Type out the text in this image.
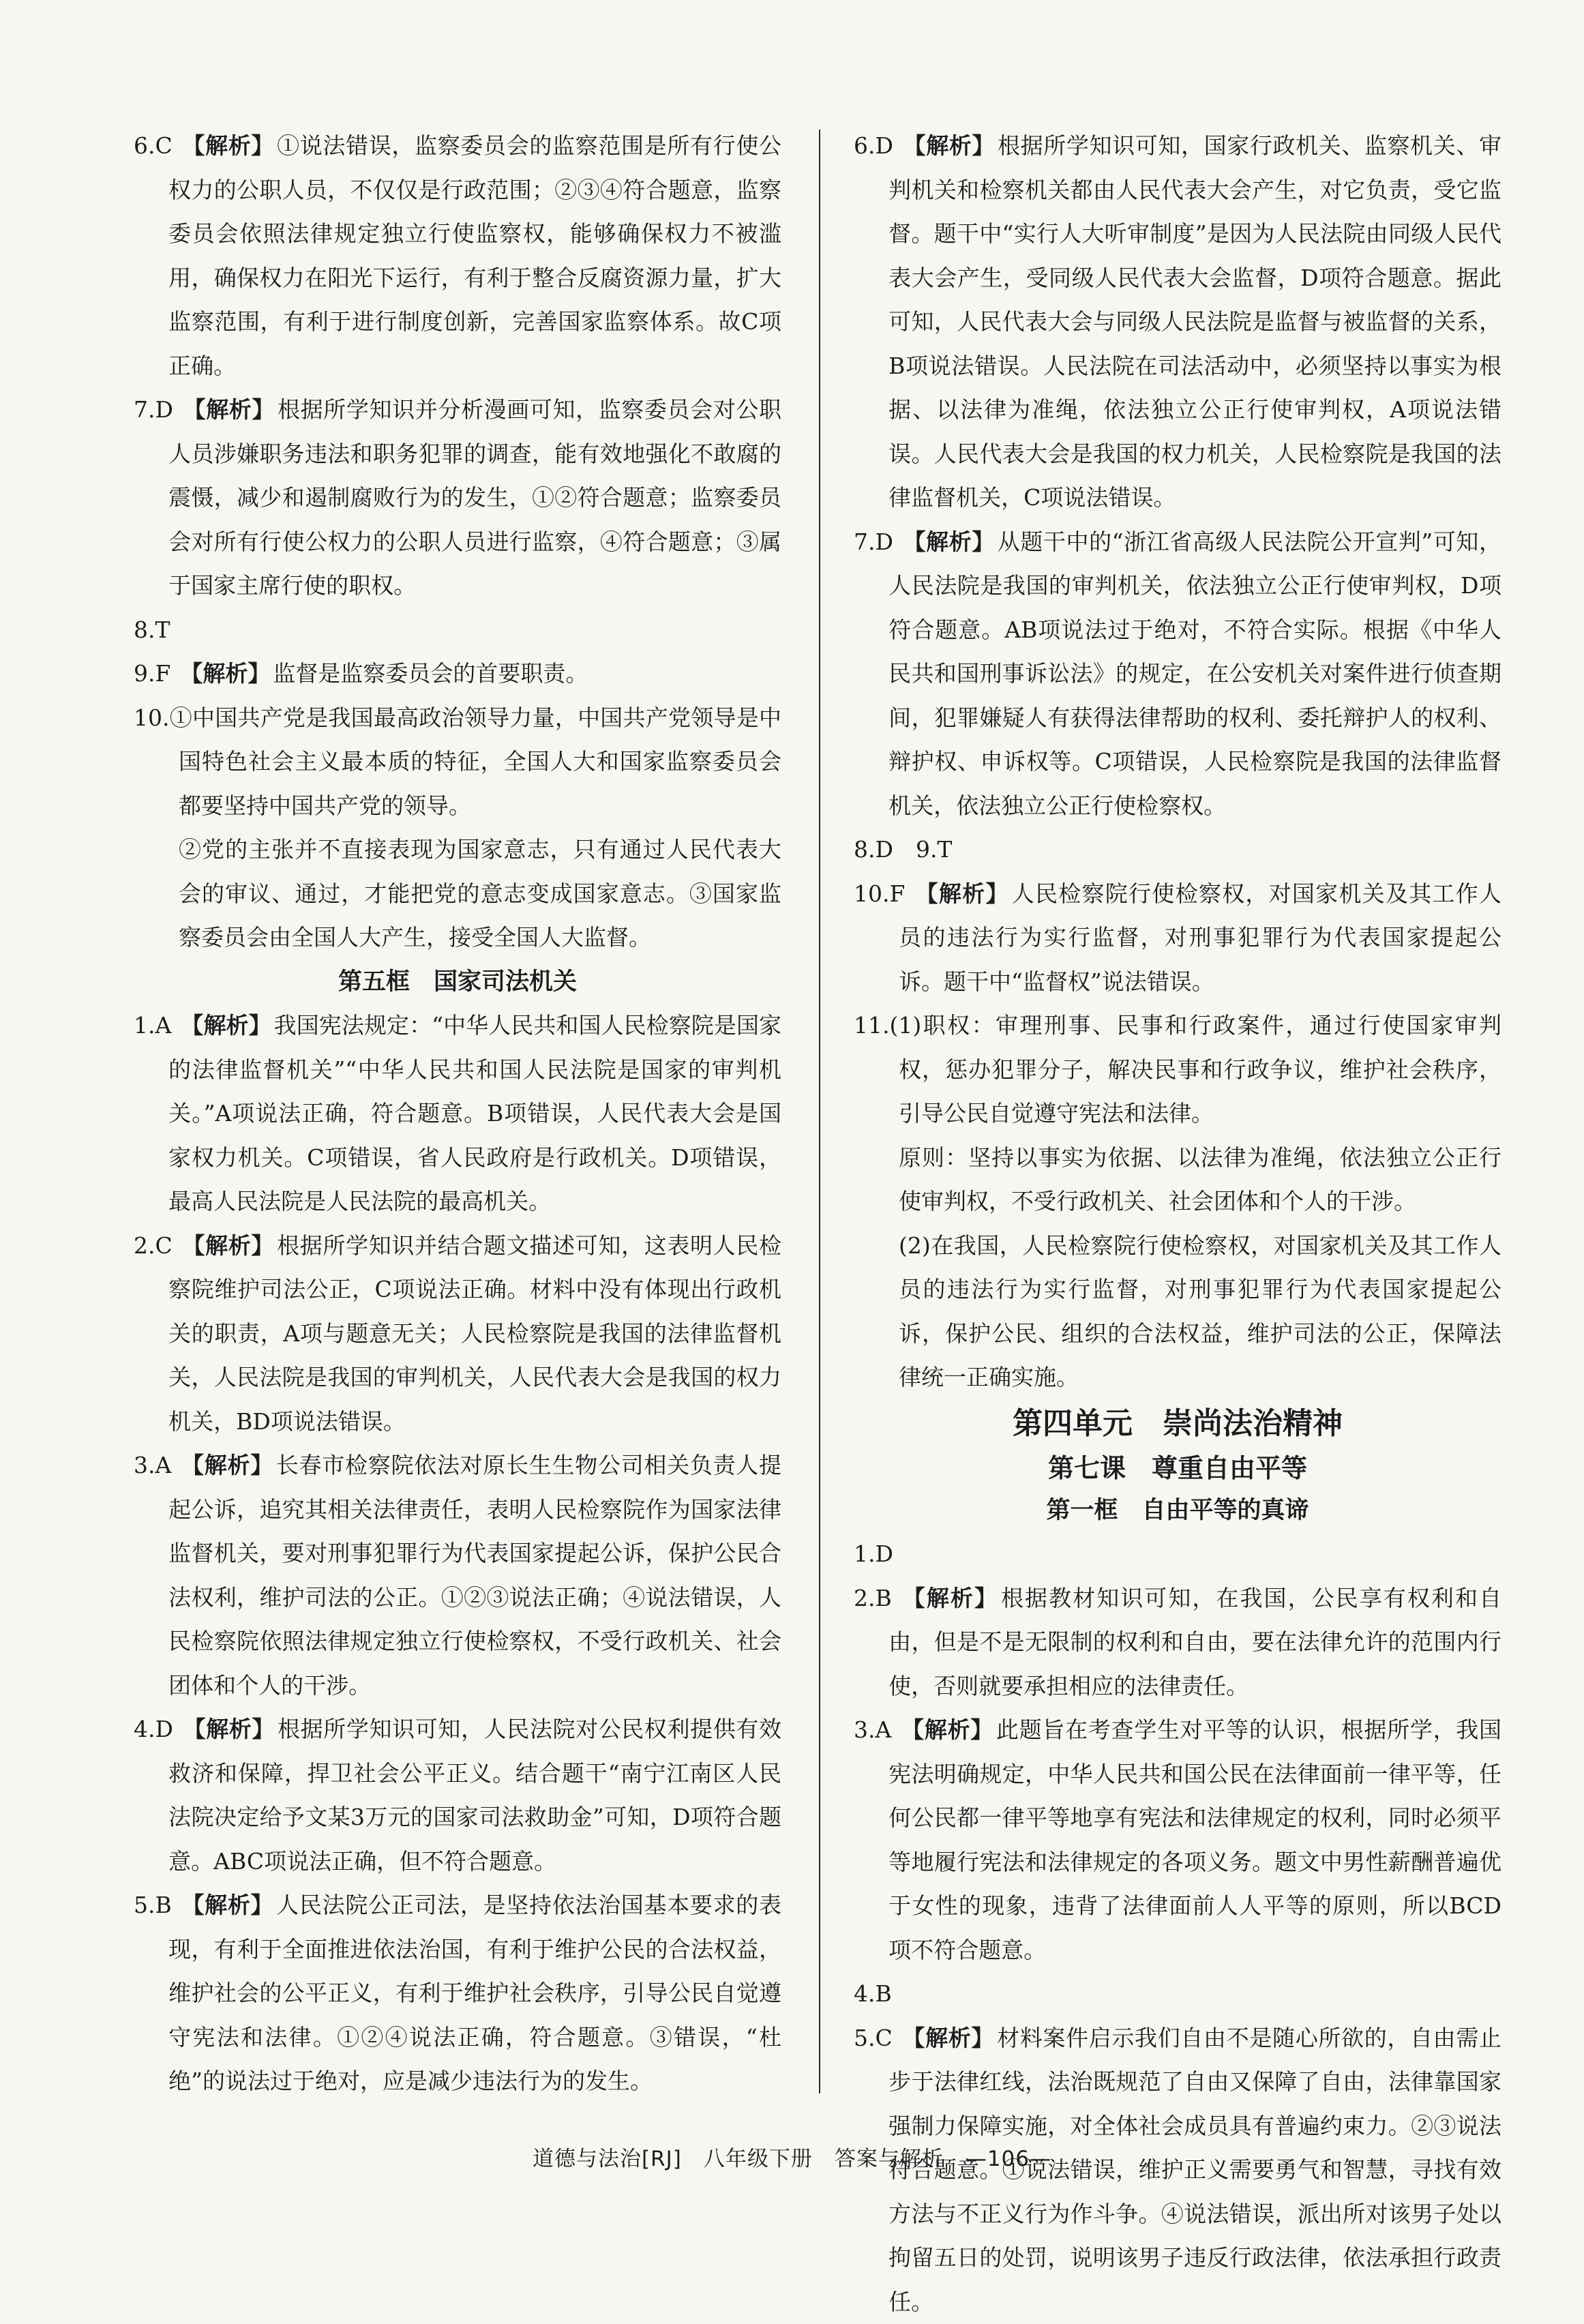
6.C 【解析】 ①说法错误，监察委员会的监察范围是所有行使公权力的公职人员，不仅仅是行政范围；②③④符合题意，监察委员会依照法律规定独立行使监察权，能够确保权力不被滥用，确保权力在阳光下运行，有利于整合反腐资源力量，扩大监察范围，有利于进行制度创新，完善国家监察体系。故C项正确。

7.D 【解析】 根据所学知识并分析漫画可知，监察委员会对公职人员涉嫌职务违法和职务犯罪的调查，能有效地强化不敢腐的震慑，减少和遏制腐败行为的发生，①②符合题意；监察委员会对所有行使公权力的公职人员进行监察，④符合题意；③属于国家主席行使的职权。

8.T

9.F 【解析】 监督是监察委员会的首要职责。

10.①中国共产党是我国最高政治领导力量，中国共产党领导是中国特色社会主义最本质的特征，全国人大和国家监察委员会都要坚持中国共产党的领导。

②党的主张并不直接表现为国家意志，只有通过人民代表大会的审议、通过，才能把党的意志变成国家意志。③国家监察委员会由全国人大产生，接受全国人大监督。

第五框　国家司法机关

1.A 【解析】 我国宪法规定：“中华人民共和国人民检察院是国家的法律监督机关”“中华人民共和国人民法院是国家的审判机关。”A项说法正确，符合题意。B项错误，人民代表大会是国家权力机关。C项错误，省人民政府是行政机关。D项错误，最高人民法院是人民法院的最高机关。

2.C 【解析】 根据所学知识并结合题文描述可知，这表明人民检察院维护司法公正，C项说法正确。材料中没有体现出行政机关的职责，A项与题意无关；人民检察院是我国的法律监督机关，人民法院是我国的审判机关，人民代表大会是我国的权力机关，BD项说法错误。

3.A 【解析】 长春市检察院依法对原长生生物公司相关负责人提起公诉，追究其相关法律责任，表明人民检察院作为国家法律监督机关，要对刑事犯罪行为代表国家提起公诉，保护公民合法权利，维护司法的公正。①②③说法正确；④说法错误，人民检察院依照法律规定独立行使检察权，不受行政机关、社会团体和个人的干涉。

4.D 【解析】 根据所学知识可知，人民法院对公民权利提供有效救济和保障，捍卫社会公平正义。结合题干“南宁江南区人民法院决定给予文某3万元的国家司法救助金”可知，D项符合题意。ABC项说法正确，但不符合题意。

5.B 【解析】 人民法院公正司法，是坚持依法治国基本要求的表现，有利于全面推进依法治国，有利于维护公民的合法权益，维护社会的公平正义，有利于维护社会秩序，引导公民自觉遵守宪法和法律。①②④说法正确，符合题意。③错误，“杜绝”的说法过于绝对，应是减少违法行为的发生。

6.D 【解析】 根据所学知识可知，国家行政机关、监察机关、审判机关和检察机关都由人民代表大会产生，对它负责，受它监督。题干中“实行人大听审制度”是因为人民法院由同级人民代表大会产生，受同级人民代表大会监督，D项符合题意。据此可知，人民代表大会与同级人民法院是监督与被监督的关系，B项说法错误。人民法院在司法活动中，必须坚持以事实为根据、以法律为准绳，依法独立公正行使审判权，A项说法错误。人民代表大会是我国的权力机关，人民检察院是我国的法律监督机关，C项说法错误。

7.D 【解析】 从题干中的“浙江省高级人民法院公开宣判”可知，人民法院是我国的审判机关，依法独立公正行使审判权，D项符合题意。AB项说法过于绝对，不符合实际。根据《中华人民共和国刑事诉讼法》的规定，在公安机关对案件进行侦查期间，犯罪嫌疑人有获得法律帮助的权利、委托辩护人的权利、辩护权、申诉权等。C项错误，人民检察院是我国的法律监督机关，依法独立公正行使检察权。

8.D　9.T

10.F 【解析】 人民检察院行使检察权，对国家机关及其工作人员的违法行为实行监督，对刑事犯罪行为代表国家提起公诉。题干中“监督权”说法错误。

11.(1)职权：审理刑事、民事和行政案件，通过行使国家审判权，惩办犯罪分子，解决民事和行政争议，维护社会秩序，引导公民自觉遵守宪法和法律。

原则：坚持以事实为依据、以法律为准绳，依法独立公正行使审判权，不受行政机关、社会团体和个人的干涉。

(2)在我国，人民检察院行使检察权，对国家机关及其工作人员的违法行为实行监督，对刑事犯罪行为代表国家提起公诉，保护公民、组织的合法权益，维护司法的公正，保障法律统一正确实施。

第四单元　崇尚法治精神
第七课　尊重自由平等
第一框　自由平等的真谛

1.D

2.B 【解析】 根据教材知识可知，在我国，公民享有权利和自由，但是不是无限制的权利和自由，要在法律允许的范围内行使，否则就要承担相应的法律责任。

3.A 【解析】 此题旨在考查学生对平等的认识，根据所学，我国宪法明确规定，中华人民共和国公民在法律面前一律平等，任何公民都一律平等地享有宪法和法律规定的权利，同时必须平等地履行宪法和法律规定的各项义务。题文中男性薪酬普遍优于女性的现象，违背了法律面前人人平等的原则，所以BCD项不符合题意。

4.B

5.C 【解析】 材料案件启示我们自由不是随心所欲的，自由需止步于法律红线，法治既规范了自由又保障了自由，法律靠国家强制力保障实施，对全体社会成员具有普遍约束力。②③说法符合题意。①说法错误，维护正义需要勇气和智慧，寻找有效方法与不正义行为作斗争。④说法错误，派出所对该男子处以拘留五日的处罚，说明该男子违反行政法律，依法承担行政责任。

道德与法治[RJ]　八年级下册　答案与解析　—106—
